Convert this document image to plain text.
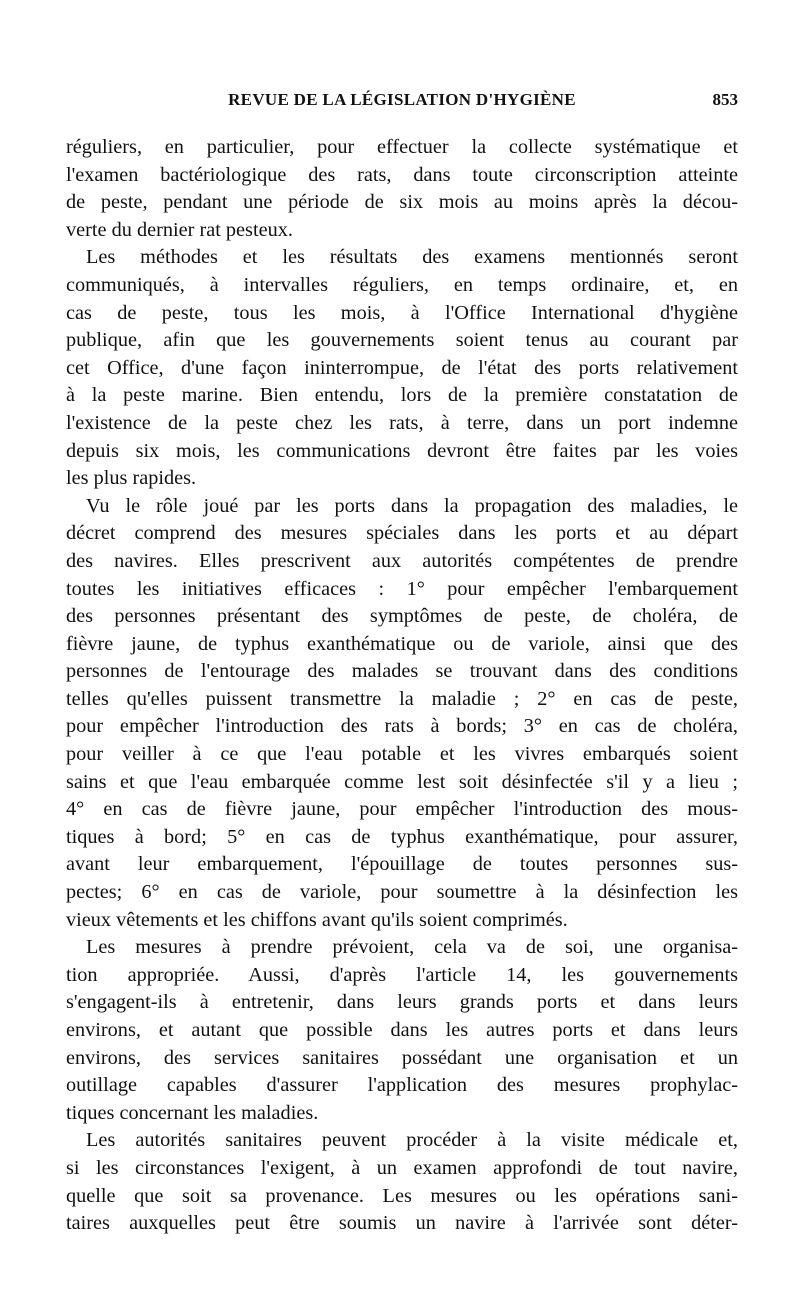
REVUE DE LA LÉGISLATION D'HYGIÈNE	853

réguliers, en particulier, pour effectuer la collecte systématique et
l'examen bactériologique des rats, dans toute circonscription atteinte
de peste, pendant une période de six mois au moins après la décou-
verte du dernier rat pesteux.

Les méthodes et les résultats des examens mentionnés seront
communiqués, à intervalles réguliers, en temps ordinaire, et, en
cas de peste, tous les mois, à l'Office International d'hygiène
publique, afin que les gouvernements soient tenus au courant par
cet Office, d'une façon ininterrompue, de l'état des ports relativement
à la peste marine. Bien entendu, lors de la première constatation de
l'existence de la peste chez les rats, à terre, dans un port indemne
depuis six mois, les communications devront être faites par les voies
les plus rapides.

Vu le rôle joué par les ports dans la propagation des maladies, le
décret comprend des mesures spéciales dans les ports et au départ
des navires. Elles prescrivent aux autorités compétentes de prendre
toutes les initiatives efficaces : 1° pour empêcher l'embarquement
des personnes présentant des symptômes de peste, de choléra, de
fièvre jaune, de typhus exanthématique ou de variole, ainsi que des
personnes de l'entourage des malades se trouvant dans des conditions
telles qu'elles puissent transmettre la maladie ; 2° en cas de peste,
pour empêcher l'introduction des rats à bords; 3° en cas de choléra,
pour veiller à ce que l'eau potable et les vivres embarqués soient
sains et que l'eau embarquée comme lest soit désinfectée s'il y a lieu ;
4° en cas de fièvre jaune, pour empêcher l'introduction des mous-
tiques à bord; 5° en cas de typhus exanthématique, pour assurer,
avant leur embarquement, l'épouillage de toutes personnes sus-
pectes; 6° en cas de variole, pour soumettre à la désinfection les
vieux vêtements et les chiffons avant qu'ils soient comprimés.

Les mesures à prendre prévoient, cela va de soi, une organisa-
tion appropriée. Aussi, d'après l'article 14, les gouvernements
s'engagent-ils à entretenir, dans leurs grands ports et dans leurs
environs, et autant que possible dans les autres ports et dans leurs
environs, des services sanitaires possédant une organisation et un
outillage capables d'assurer l'application des mesures prophylac-
tiques concernant les maladies.

Les autorités sanitaires peuvent procéder à la visite médicale et,
si les circonstances l'exigent, à un examen approfondi de tout navire,
quelle que soit sa provenance. Les mesures ou les opérations sani-
taires auxquelles peut être soumis un navire à l'arrivée sont déter-
